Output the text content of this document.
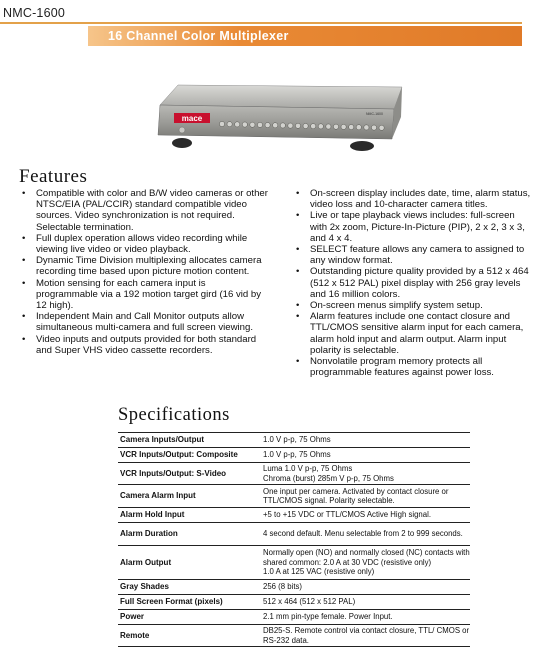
NMC-1600
16 Channel Color Multiplexer
mace	NMC-1600
Features
•	Compatible with color and B/W video cameras or other NTSC/EIA (PAL/CCIR) standard compatible video sources. Video synchronization is not required. Selectable termination.
•	Full duplex operation allows video recording while viewing live video or video playback.
•	Dynamic Time Division multiplexing allocates camera recording time based upon picture motion content.
•	Motion sensing for each camera input is programmable via a 192 motion target gird (16 vid by 12 high).
•	Independent Main and Call Monitor outputs allow simultaneous multi-camera and full screen viewing.
•	Video inputs and outputs provided for both standard and Super VHS video cassette recorders.
•	On-screen display includes date, time, alarm status, video loss and 10-character camera titles.
•	Live or tape playback views includes: full-screen with 2x zoom, Picture-In-Picture (PIP), 2 x 2, 3 x 3, and 4 x 4.
•	SELECT feature allows any camera to assigned to any window format.
•	Outstanding picture quality provided by a 512 x 464 (512 x 512 PAL) pixel display with 256 gray levels and 16 million colors.
•	On-screen menus simplify system setup.
•	Alarm features include one contact closure and TTL/CMOS sensitive alarm input for each camera, alarm hold input and alarm output. Alarm input polarity is selectable.
•	Nonvolatile program memory protects all programmable features against power loss.
Specifications
Camera Inputs/Output	1.0 V p-p, 75 Ohms
VCR Inputs/Output: Composite	1.0 V p-p, 75 Ohms
VCR Inputs/Output: S-Video	Luma 1.0 V p-p, 75 Ohms
Chroma (burst) 285m V p-p, 75 Ohms
Camera Alarm Input	One input per camera. Activated by contact closure or TTL/CMOS signal. Polarity selectable.
Alarm Hold Input	+5 to +15 VDC or TTL/CMOS Active High signal.
Alarm Duration	4 second default. Menu selectable from 2 to 999 seconds.
Alarm Output	Normally open (NO) and normally closed (NC) contacts with shared common: 2.0 A at 30 VDC (resistive only)
1.0 A at 125 VAC (resistive only)
Gray Shades	256 (8 bits)
Full Screen Format (pixels)	512 x 464 (512 x 512 PAL)
Power	2.1 mm pin-type female. Power Input.
Remote	DB25-S. Remote control via contact closure, TTL/ CMOS or RS-232 data.
